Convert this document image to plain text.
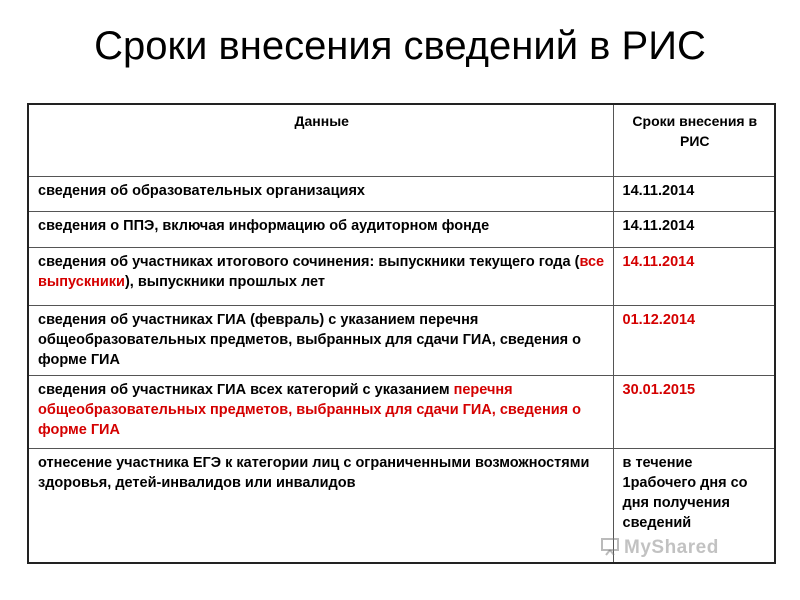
Сроки внесения сведений в РИС
Данные	Сроки внесения в РИС
сведения об образовательных организациях	14.11.2014
сведения о ППЭ, включая информацию об аудиторном фонде	14.11.2014
сведения об участниках итогового сочинения: выпускники текущего года (все выпускники), выпускники прошлых лет	14.11.2014
сведения об участниках ГИА (февраль) с указанием перечня общеобразовательных предметов, выбранных для сдачи ГИА, сведения о форме ГИА	01.12.2014
сведения об участниках ГИА всех категорий с указанием перечня общеобразовательных предметов, выбранных для сдачи ГИА, сведения о форме ГИА	30.01.2015
отнесение участника ЕГЭ к категории лиц с ограниченными возможностями здоровья, детей-инвалидов или инвалидов	в течение 1рабочего дня со дня получения сведений
MyShared
